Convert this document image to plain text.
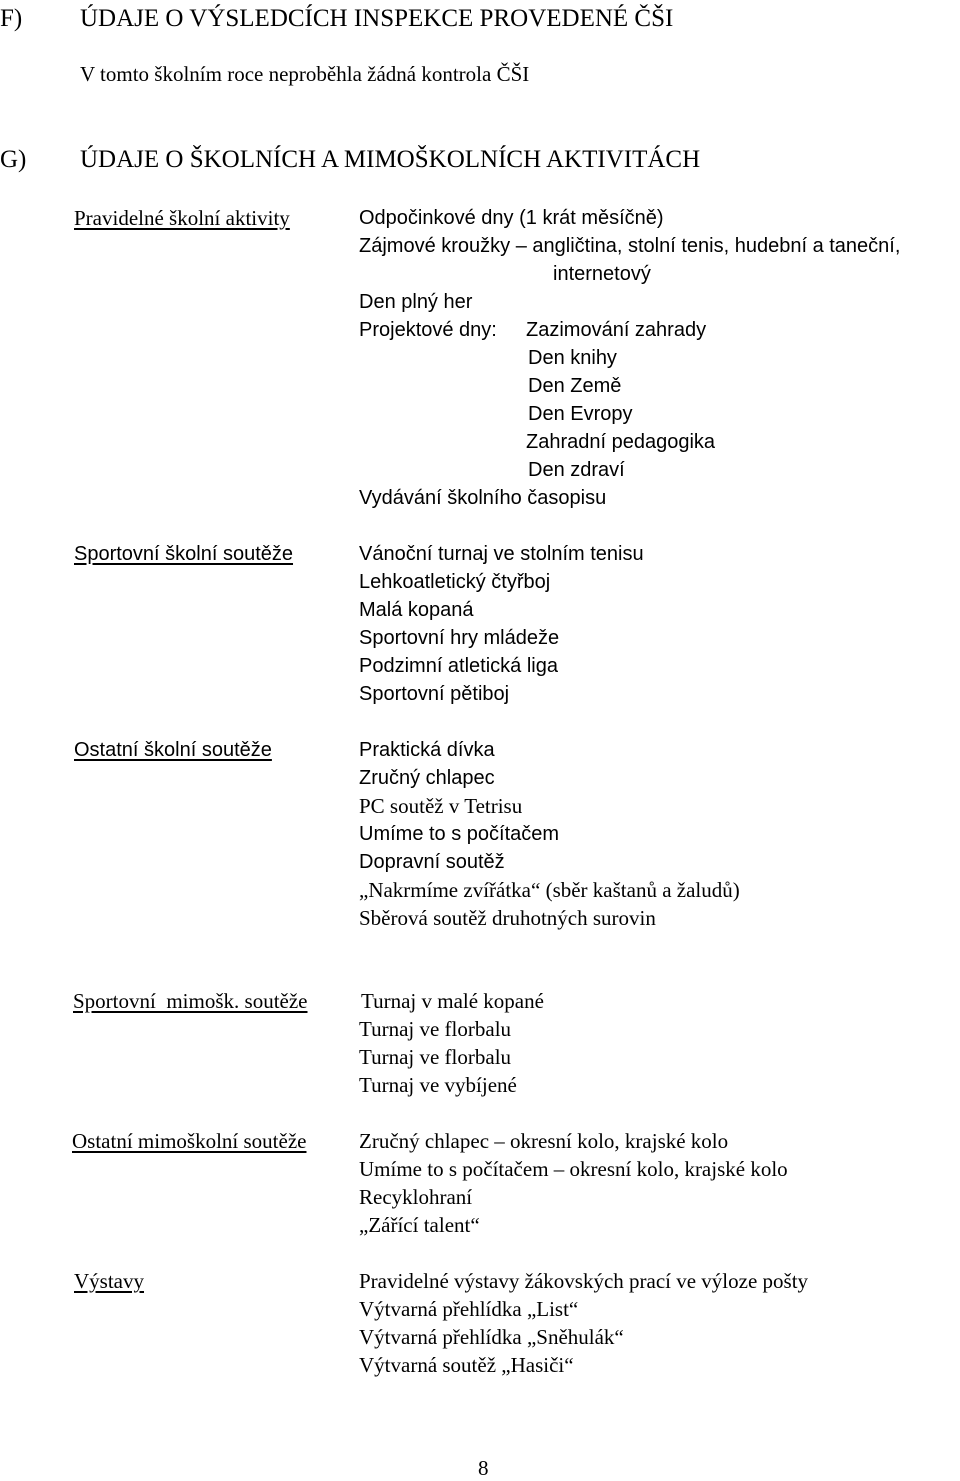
F) ÚDAJE O VÝSLEDCÍCH INSPEKCE PROVEDENÉ ČŠI
V tomto školním roce neproběhla žádná kontrola ČŠI
G) ÚDAJE O ŠKOLNÍCH A MIMOŠKOLNÍCH AKTIVITÁCH
Pravidelné školní aktivity	Odpočinkové dny (1 krát měsíčně)
Zájmové kroužky – angličtina, stolní tenis, hudební a taneční,
internetový
Den plný her
Projektové dny: Zazimování zahrady
Den knihy
Den Země
Den Evropy
Zahradní pedagogika
Den zdraví
Vydávání školního časopisu
Sportovní školní soutěže	Vánoční turnaj ve stolním tenisu
Lehkoatletický čtyřboj
Malá kopaná
Sportovní hry mládeže
Podzimní atletická liga
Sportovní pětiboj
Ostatní školní soutěže	Praktická dívka
Zručný chlapec
PC soutěž v Tetrisu
Umíme to s počítačem
Dopravní soutěž
„Nakrmíme zvířátka“ (sběr kaštanů a žaludů)
Sběrová soutěž druhotných surovin
Sportovní  mimošk. soutěže	Turnaj v malé kopané
Turnaj ve florbalu
Turnaj ve florbalu
Turnaj ve vybíjené
Ostatní mimoškolní soutěže	Zručný chlapec – okresní kolo, krajské kolo
Umíme to s počítačem – okresní kolo, krajské kolo
Recyklohraní
„Zářící talent“
Výstavy	Pravidelné výstavy žákovských prací ve výloze pošty
Výtvarná přehlídka „List“
Výtvarná přehlídka „Sněhulák“
Výtvarná soutěž „Hasiči“
8
